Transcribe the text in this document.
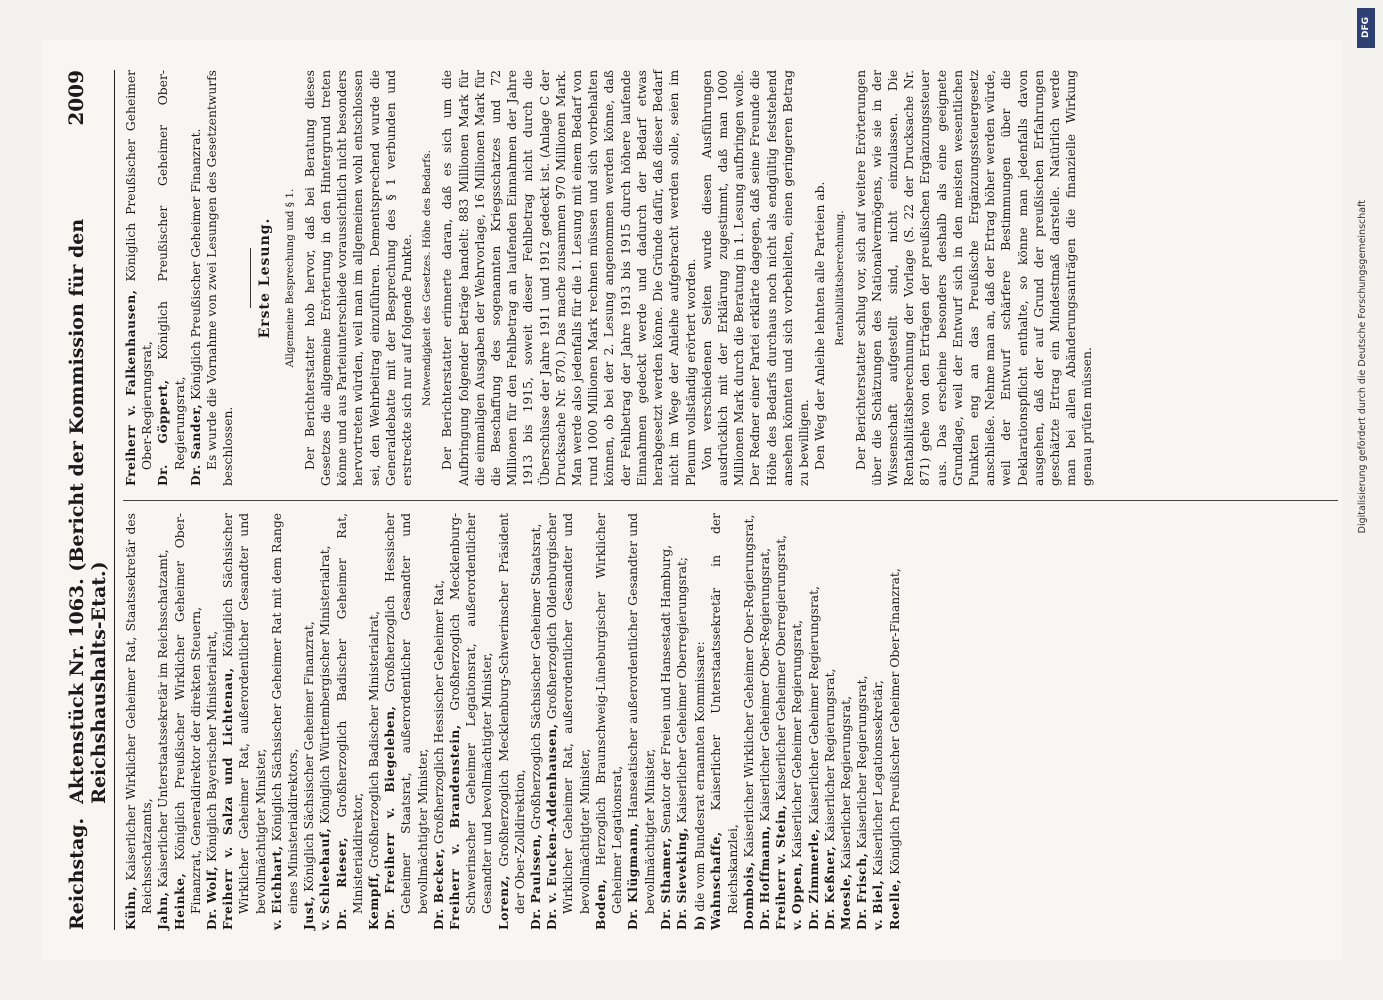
DFG
Digitalisierung gefördert durch die Deutsche Forschungsgemeinschaft
Reichstag.
Aktenstück Nr. 1063. (Bericht der Kommission für den Reichshaushalts-Etat.)
2009
Kühn, Kaiserlicher Wirklicher Geheimer Rat, Staatssekretär des Reichsschatzamts, Jahn, Kaiserlicher Unterstaatssekretär im Reichsschatzamt,
Heinke, Königlich Preußischer Wirklicher Geheimer Ober-Finanzrat, Generaldirektor der direkten Steuern, Dr. Wolf, Königlich Bayerischer Ministerialrat, Freiherr v. Salza und Lichtenau, Königlich Sächsischer Wirklicher Geheimer Rat, außerordentlicher Gesandter und bevollmächtigter Minister, v. Eichhart, Königlich Sächsischer Geheimer Rat mit dem Range eines Ministerialdirektors, Just, Königlich Sächsischer Geheimer Finanzrat, v. Schleehauf, Königlich Württembergischer Ministerialrat,
Dr. Rieser, Großherzoglich Badischer Geheimer Rat, Ministerialdirektor, Kempff, Großherzoglich Badischer Ministerialrat, Dr. Freiherr v. Biegeleben, Großherzoglich Hessischer Geheimer Staatsrat, außerordentlicher Gesandter und bevollmächtigter Minister, Dr. Becker, Großherzoglich Hessischer Geheimer Rat, Freiherr v. Brandenstein, Großherzoglich Mecklenburg-Schwerinscher Geheimer Legationsrat, außerordentlicher Gesandter und bevollmächtigter Minister, Lorenz, Großherzoglich Mecklenburg-Schwerinscher Präsident der Ober-Zolldirektion, Dr. Paulssen, Großherzoglich Sächsischer Geheimer Staatsrat, Dr. v. Eucken-Addenhausen, Großherzoglich Oldenburgischer Wirklicher Geheimer Rat, außerordentlicher Gesandter und bevollmächtigter Minister, Boden, Herzoglich Braunschweig-Lüneburgischer Wirklicher Geheimer Legationsrat, Dr. Klügmann, Hanseatischer außerordentlicher Gesandter und bevollmächtigter Minister, Dr. Sthamer, Senator der Freien und Hansestadt Hamburg,
Dr. Sieveking, Kaiserlicher Geheimer Oberregierungsrat;
b) die vom Bundesrat ernannten Kommissare: Wahnschaffe, Kaiserlicher Unterstaatssekretär in der Reichskanzlei, Dombois, Kaiserlicher Wirklicher Geheimer Ober-Regierungsrat,
Dr. Hoffmann, Kaiserlicher Geheimer Ober-Regierungsrat,
Freiherr v. Stein, Kaiserlicher Geheimer Oberregierungsrat,
v. Oppen, Kaiserlicher Geheimer Regierungsrat,
Dr. Zimmerle, Kaiserlicher Geheimer Regierungsrat,
Dr. Keßner, Kaiserlicher Regierungsrat,
Moesle, Kaiserlicher Regierungsrat,
Dr. Frisch, Kaiserlicher Regierungsrat,
v. Biel, Kaiserlicher Legationssekretär,
Roelle, Königlich Preußischer Geheimer Ober-Finanzrat,
Freiherr v. Falkenhausen, Königlich Preußischer Geheimer Ober-Regierungsrat, Dr. Göppert, Königlich Preußischer Geheimer Ober-Regierungsrat, Dr. Sander, Königlich Preußischer Geheimer Finanzrat. Es wurde die Vornahme von zwei Lesungen des Gesetzentwurfs beschlossen.

Erste Lesung. Allgemeine Besprechung und § 1. Der Berichterstatter hob hervor, daß bei Beratung dieses Gesetzes die allgemeine Erörterung in den Hintergrund treten könne und aus Parteiunterschiede voraussichtlich nicht besonders hervortreten würden, weil man im allgemeinen wohl entschlossen sei, den Wehrbeitrag einzuführen. Dementsprechend wurde die Generaldebatte mit der Besprechung des § 1 verbunden und erstreckte sich nur auf folgende Punkte. Notwendigkeit des Gesetzes. Höhe des Bedarfs. Der Berichterstatter erinnerte daran, daß es sich um die Aufbringung folgender Beträge handelt: 883 Millionen Mark für die einmaligen Ausgaben der Wehrvorlage, 16 Millionen Mark für die Beschaffung des sogenannten Kriegsschatzes und 72 Millionen für den Fehlbetrag an laufenden Einnahmen der Jahre 1913 bis 1915, soweit dieser Fehlbetrag nicht durch die Überschüsse der Jahre 1911 und 1912 gedeckt ist. (Anlage C der Drucksache Nr. 870.) Das mache zusammen 970 Millionen Mark. Man werde also jedenfalls für die 1. Lesung mit einem Bedarf von rund 1000 Millionen Mark rechnen müssen und sich vorbehalten können, ob bei der 2. Lesung angenommen werden könne, daß der Fehlbetrag der Jahre 1913 bis 1915 durch höhere laufende Einnahmen gedeckt werde und dadurch der Bedarf etwas herabgesetzt werden könne. Die Gründe dafür, daß dieser Bedarf nicht im Wege der Anleihe aufgebracht werden solle, seien im Plenum vollständig erörtert worden. Von verschiedenen Seiten wurde diesen Ausführungen ausdrücklich mit der Erklärung zugestimmt, daß man 1000 Millionen Mark durch die Beratung in 1. Lesung aufbringen wolle. Der Redner einer Partei erklärte dagegen, daß seine Freunde die Höhe des Bedarfs durchaus noch nicht als endgültig feststehend ansehen könnten und sich vorbehielten, einen geringeren Betrag zu bewilligen. Den Weg der Anleihe lehnten alle Parteien ab. Rentabilitätsberechnung. Der Berichterstatter schlug vor, sich auf weitere Erörterungen über die Schätzungen des Nationalvermögens, wie sie in der Wissenschaft aufgestellt sind, nicht einzulassen. Die Rentabilitätsberechnung der Vorlage (S. 22 der Drucksache Nr. 871) gehe von den Erträgen der preußischen Ergänzungssteuer aus. Das erscheine besonders deshalb als eine geeignete Grundlage, weil der Entwurf sich in den meisten wesentlichen Punkten eng an das Preußische Ergänzungssteuergesetz anschließe. Nehme man an, daß der Ertrag höher werden würde, weil der Entwurf schärfere Bestimmungen über die Deklarationspflicht enthalte, so könne man jedenfalls davon ausgehen, daß der auf Grund der preußischen Erfahrungen geschätzte Ertrag ein Mindestmaß darstelle. Natürlich werde man bei allen Abänderungsanträgen die finanzielle Wirkung genau prüfen müssen.
